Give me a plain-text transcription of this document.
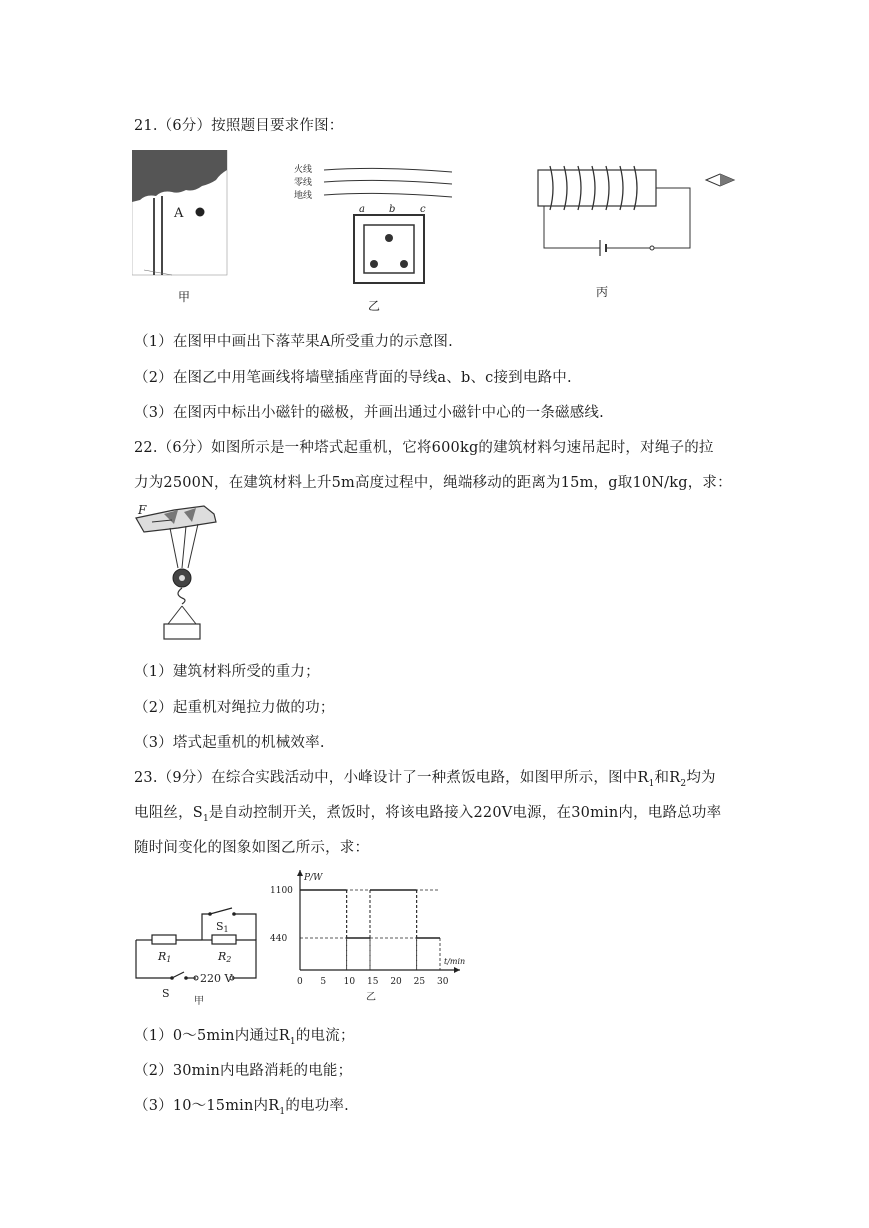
21.（6分）按照题目要求作图：
A
甲
火线
零线
地线
a b c
乙
丙
（1）在图甲中画出下落苹果A所受重力的示意图.
（2）在图乙中用笔画线将墙壁插座背面的导线a、b、c接到电路中.
（3）在图丙中标出小磁针的磁极，并画出通过小磁针中心的一条磁感线.
22.（6分）如图所示是一种塔式起重机，它将600kg的建筑材料匀速吊起时，对绳子的拉
力为2500N，在建筑材料上升5m高度过程中，绳端移动的距离为15m，g取10N/kg，求：
F
（1）建筑材料所受的重力；
（2）起重机对绳拉力做的功；
（3）塔式起重机的机械效率.
23.（9分）在综合实践活动中，小峰设计了一种煮饭电路，如图甲所示，图中$R_1$和$R_2$均为
电阻丝，$S_1$是自动控制开关，煮饭时，将该电路接入220V电源，在30min内，电路总功率
随时间变化的图象如图乙所示，求：
R1	R2
S1
S
220 V
甲
P/W
t/min
0 5 10 15 20 25 30
440
1100
乙
（1）0～5min内通过$R_1$的电流；
（2）30min内电路消耗的电能；
（3）10～15min内$R_1$的电功率.
